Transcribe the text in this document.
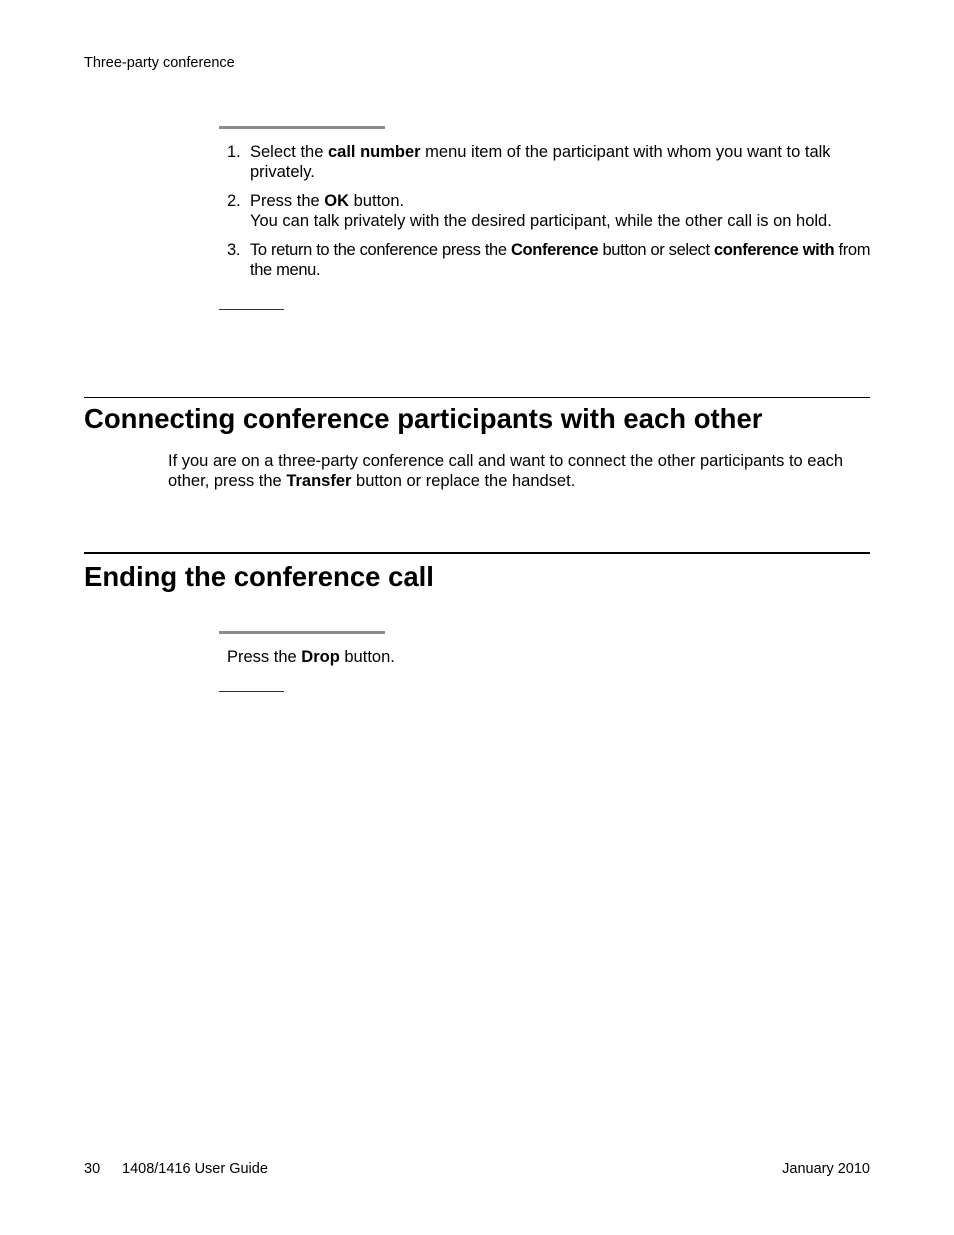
Three-party conference
1. Select the call number menu item of the participant with whom you want to talk privately.
2. Press the OK button.
You can talk privately with the desired participant, while the other call is on hold.
3. To return to the conference press the Conference button or select conference with from the menu.
Connecting conference participants with each other

If you are on a three-party conference call and want to connect the other participants to each other, press the Transfer button or replace the handset.

Ending the conference call

Press the Drop button.

30 1408/1416 User Guide	January 2010
